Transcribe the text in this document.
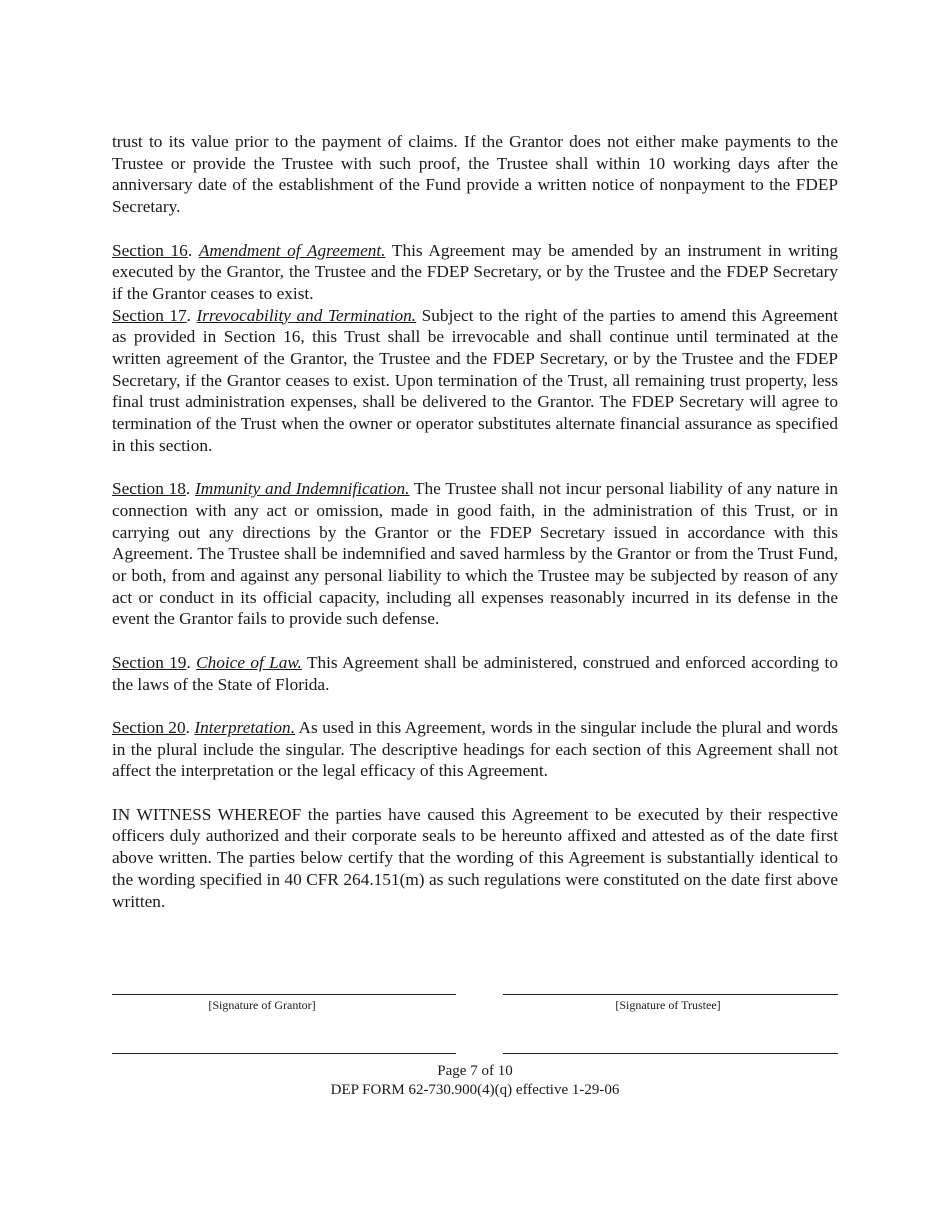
trust to its value prior to the payment of claims. If the Grantor does not either make payments to the Trustee or provide the Trustee with such proof, the Trustee shall within 10 working days after the anniversary date of the establishment of the Fund provide a written notice of nonpayment to the FDEP Secretary.

Section 16. Amendment of Agreement. This Agreement may be amended by an instrument in writing executed by the Grantor, the Trustee and the FDEP Secretary, or by the Trustee and the FDEP Secretary if the Grantor ceases to exist.

Section 17. Irrevocability and Termination. Subject to the right of the parties to amend this Agreement as provided in Section 16, this Trust shall be irrevocable and shall continue until terminated at the written agreement of the Grantor, the Trustee and the FDEP Secretary, or by the Trustee and the FDEP Secretary, if the Grantor ceases to exist. Upon termination of the Trust, all remaining trust property, less final trust administration expenses, shall be delivered to the Grantor. The FDEP Secretary will agree to termination of the Trust when the owner or operator substitutes alternate financial assurance as specified in this section.

Section 18. Immunity and Indemnification. The Trustee shall not incur personal liability of any nature in connection with any act or omission, made in good faith, in the administration of this Trust, or in carrying out any directions by the Grantor or the FDEP Secretary issued in accordance with this Agreement. The Trustee shall be indemnified and saved harmless by the Grantor or from the Trust Fund, or both, from and against any personal liability to which the Trustee may be subjected by reason of any act or conduct in its official capacity, including all expenses reasonably incurred in its defense in the event the Grantor fails to provide such defense.

Section 19. Choice of Law. This Agreement shall be administered, construed and enforced according to the laws of the State of Florida.

Section 20. Interpretation. As used in this Agreement, words in the singular include the plural and words in the plural include the singular. The descriptive headings for each section of this Agreement shall not affect the interpretation or the legal efficacy of this Agreement.

IN WITNESS WHEREOF the parties have caused this Agreement to be executed by their respective officers duly authorized and their corporate seals to be hereunto affixed and attested as of the date first above written. The parties below certify that the wording of this Agreement is substantially identical to the wording specified in 40 CFR 264.151(m) as such regulations were constituted on the date first above written.

[Signature of Grantor]	[Signature of Trustee]
Page 7 of 10
DEP FORM 62-730.900(4)(q) effective 1-29-06
